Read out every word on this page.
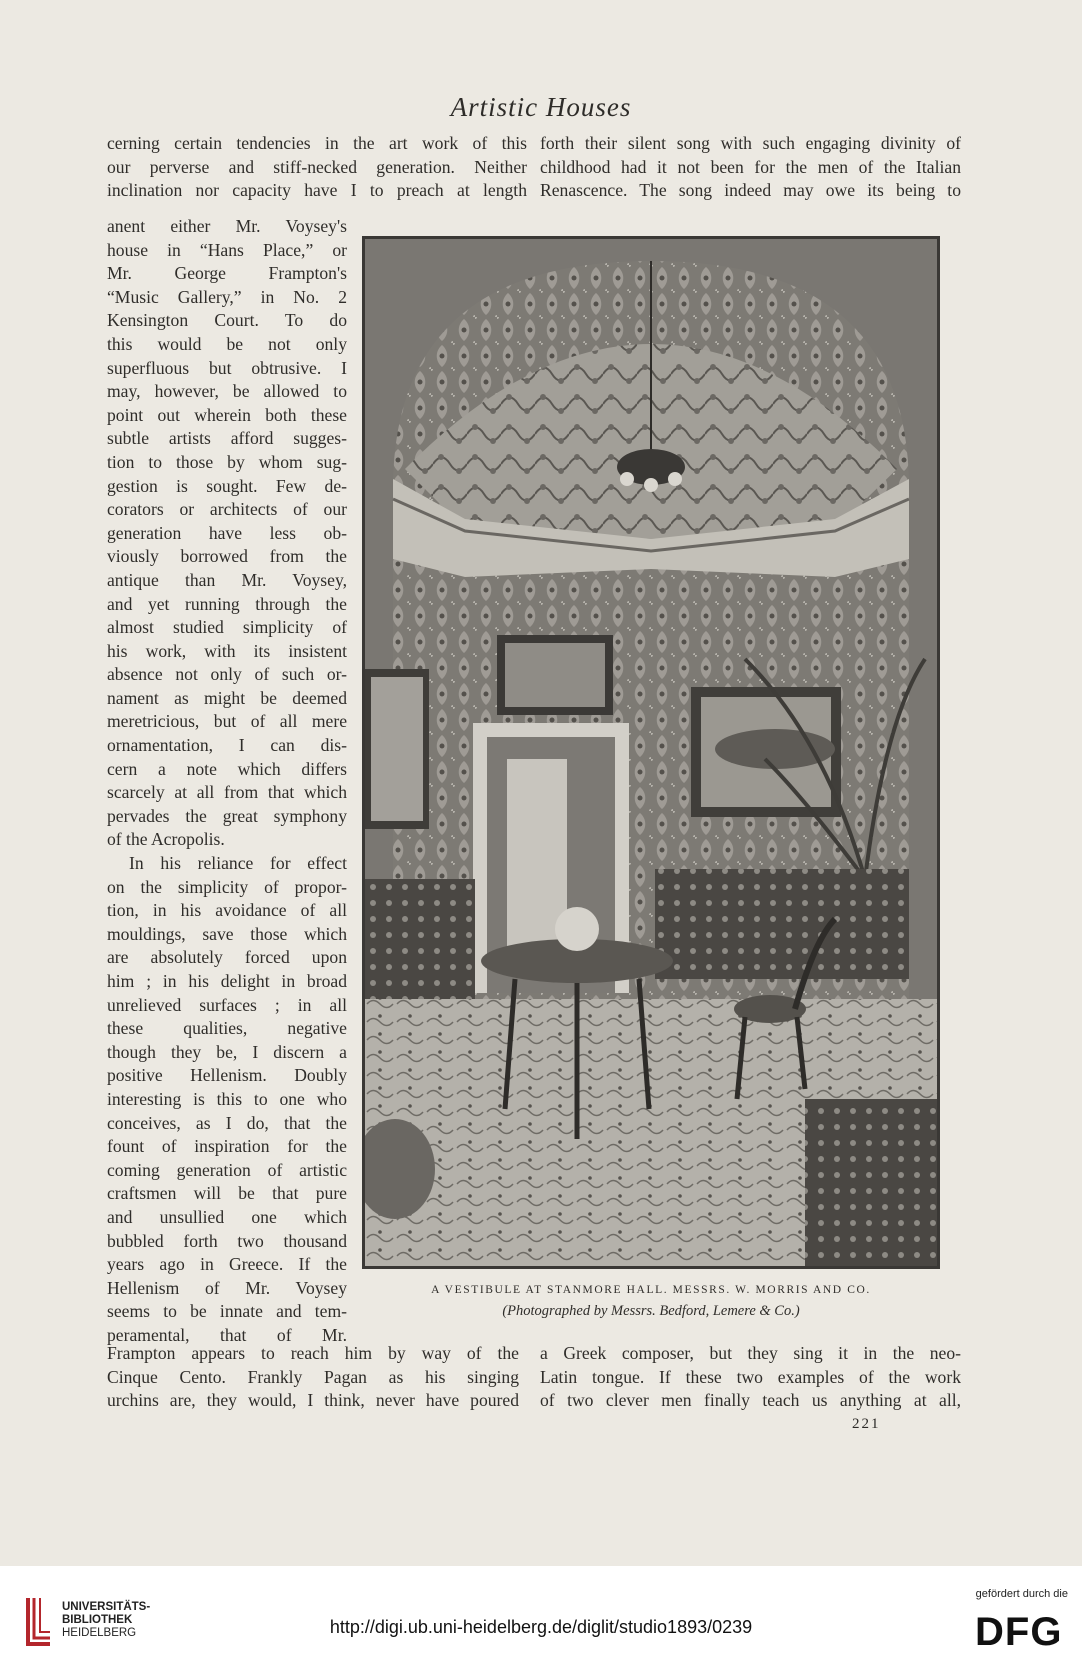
Artistic Houses
cerning certain tendencies in the art work of this
our perverse and stiff-necked generation. Neither
inclination nor capacity have I to preach at length
forth their silent song with such engaging divinity of
childhood had it not been for the men of the Italian
Renascence. The song indeed may owe its being to
anent either Mr. Voysey's
house in “Hans Place,” or
Mr. George Frampton's
“Music Gallery,” in No. 2
Kensington Court. To do
this would be not only
superfluous but obtrusive. I
may, however, be allowed to
point out wherein both these
subtle artists afford sugges-
tion to those by whom sug-
gestion is sought. Few de-
corators or architects of our
generation have less ob-
viously borrowed from the
antique than Mr. Voysey,
and yet running through the
almost studied simplicity of
his work, with its insistent
absence not only of such or-
nament as might be deemed
meretricious, but of all mere
ornamentation, I can dis-
cern a note which differs
scarcely at all from that which
pervades the great symphony
of the Acropolis.
In his reliance for effect
on the simplicity of propor-
tion, in his avoidance of all
mouldings, save those which
are absolutely forced upon
him ; in his delight in broad
unrelieved surfaces ; in all
these qualities, negative
though they be, I discern a
positive Hellenism. Doubly
interesting is this to one who
conceives, as I do, that the
fount of inspiration for the
coming generation of artistic
craftsmen will be that pure
and unsullied one which
bubbled forth two thousand
years ago in Greece. If the
Hellenism of Mr. Voysey
seems to be innate and tem-
peramental, that of Mr.
A VESTIBULE AT STANMORE HALL. MESSRS. W. MORRIS AND CO.
(Photographed by Messrs. Bedford, Lemere & Co.)
Frampton appears to reach him by way of the
Cinque Cento. Frankly Pagan as his singing
urchins are, they would, I think, never have poured
a Greek composer, but they sing it in the neo-
Latin tongue. If these two examples of the work
of two clever men finally teach us anything at all,
221
UNIVERSITÄTS-
BIBLIOTHEK
HEIDELBERG	http://digi.ub.uni-heidelberg.de/diglit/studio1893/0239
gefördert durch die
DFG
